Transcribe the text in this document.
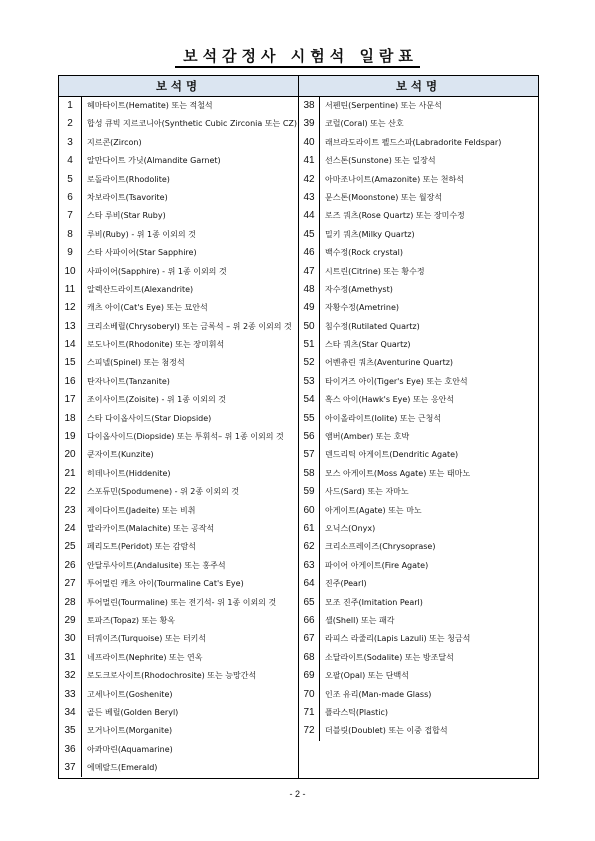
보석감정사 시험석 일람표
보석명
1	헤마타이트(Hematite) 또는 적철석
2	합성 큐빅 지르코니아(Synthetic Cubic Zirconia 또는 CZ)
3	지르콘(Zircon)
4	알만다이트 가닛(Almandite Garnet)
5	로돌라이트(Rhodolite)
6	차보라이트(Tsavorite)
7	스타 루비(Star Ruby)
8	루비(Ruby) - 위 1종 이외의 것
9	스타 사파이어(Star Sapphire)
10	사파이어(Sapphire) - 위 1종 이외의 것
11	알렉산드라이트(Alexandrite)
12	캐츠 아이(Cat's Eye) 또는 묘안석
13	크리소베릴(Chrysoberyl) 또는 금록석 – 위 2종 이외의 것
14	로도나이트(Rhodonite) 또는 장미휘석
15	스피넬(Spinel) 또는 첨정석
16	탄자나이트(Tanzanite)
17	조이사이트(Zoisite) - 위 1종 이외의 것
18	스타 다이옵사이드(Star Diopside)
19	다이옵사이드(Diopside) 또는 투휘석– 위 1종 이외의 것
20	쿤자이트(Kunzite)
21	히데나이트(Hiddenite)
22	스포듀민(Spodumene) - 위 2종 이외의 것
23	제이다이트(Jadeite) 또는 비취
24	말라카이트(Malachite) 또는 공작석
25	페리도트(Peridot) 또는 감람석
26	안달루사이트(Andalusite) 또는 홍주석
27	투어멀린 캐츠 아이(Tourmaline Cat's Eye)
28	투어멀린(Tourmaline) 또는 전기석- 위 1종 이외의 것
29	토파즈(Topaz) 또는 황옥
30	터쿼이즈(Turquoise) 또는 터키석
31	네프라이트(Nephrite) 또는 연옥
32	로도크로사이트(Rhodochrosite) 또는 능망간석
33	고세나이트(Goshenite)
34	골든 베릴(Golden Beryl)
35	모거나이트(Morganite)
36	아콰마린(Aquamarine)
37	에메랄드(Emerald)
보석명
38	서펜틴(Serpentine) 또는 사문석
39	코럴(Coral) 또는 산호
40	래브라도라이트 펠드스파(Labradorite Feldspar)
41	선스톤(Sunstone) 또는 일장석
42	아마조나이트(Amazonite) 또는 천하석
43	문스톤(Moonstone) 또는 월장석
44	로즈 쿼츠(Rose Quartz) 또는 장미수정
45	밀키 쿼츠(Milky Quartz)
46	백수정(Rock crystal)
47	시트린(Citrine) 또는 황수정
48	자수정(Amethyst)
49	자황수정(Ametrine)
50	침수정(Rutilated Quartz)
51	스타 쿼츠(Star Quartz)
52	어벤츄린 쿼츠(Aventurine Quartz)
53	타이거즈 아이(Tiger's Eye) 또는 호안석
54	혹스 아이(Hawk's Eye) 또는 응안석
55	아이올라이트(Iolite) 또는 근청석
56	앰버(Amber) 또는 호박
57	덴드리틱 아게이트(Dendritic Agate)
58	모스 아게이트(Moss Agate) 또는 태마노
59	사드(Sard) 또는 자마노
60	아게이트(Agate) 또는 마노
61	오닉스(Onyx)
62	크리소프레이즈(Chrysoprase)
63	파이어 아게이트(Fire Agate)
64	진주(Pearl)
65	모조 진주(Imitation Pearl)
66	셸(Shell) 또는 패각
67	라피스 라줄리(Lapis Lazuli) 또는 청금석
68	소달라이트(Sodalite) 또는 방조달석
69	오팔(Opal) 또는 단백석
70	인조 유리(Man-made Glass)
71	플라스틱(Plastic)
72	더블릿(Doublet) 또는 이중 접합석
- 2 -
